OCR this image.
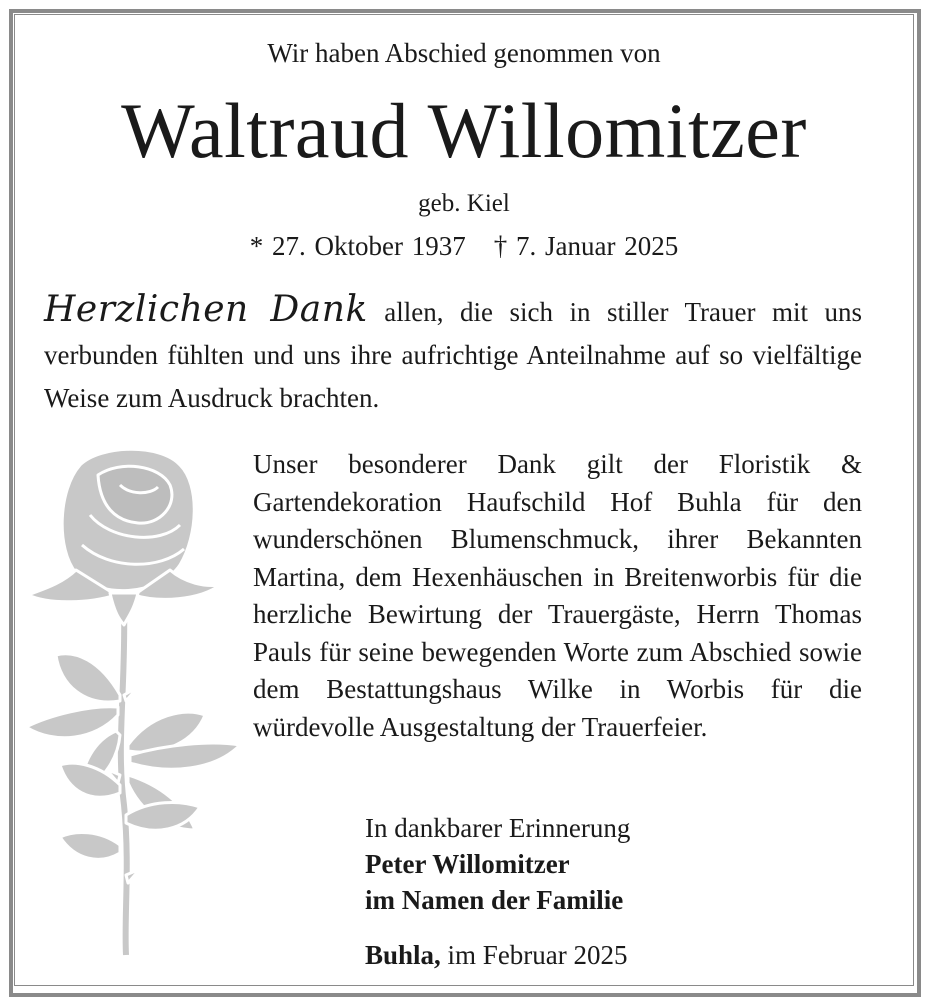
Wir haben Abschied genommen von
Waltraud Willomitzer
geb. Kiel
* 27. Oktober 1937 † 7. Januar 2025
Herzlichen Dank allen, die sich in stiller Trauer mit uns verbunden fühlten und uns ihre aufrichtige Anteilnahme auf so vielfältige Weise zum Ausdruck brachten.
Unser besonderer Dank gilt der Floristik & Gartendekoration Haufschild Hof Buhla für den wunderschönen Blumenschmuck, ihrer Bekannten Martina, dem Hexenhäuschen in Breitenworbis für die herzliche Bewirtung der Trauergäste, Herrn Thomas Pauls für seine bewegenden Worte zum Abschied sowie dem Bestattungshaus Wilke in Worbis für die würdevolle Ausgestaltung der Trauerfeier.
In dankbarer Erinnerung
Peter Willomitzer
im Namen der Familie
Buhla, im Februar 2025
